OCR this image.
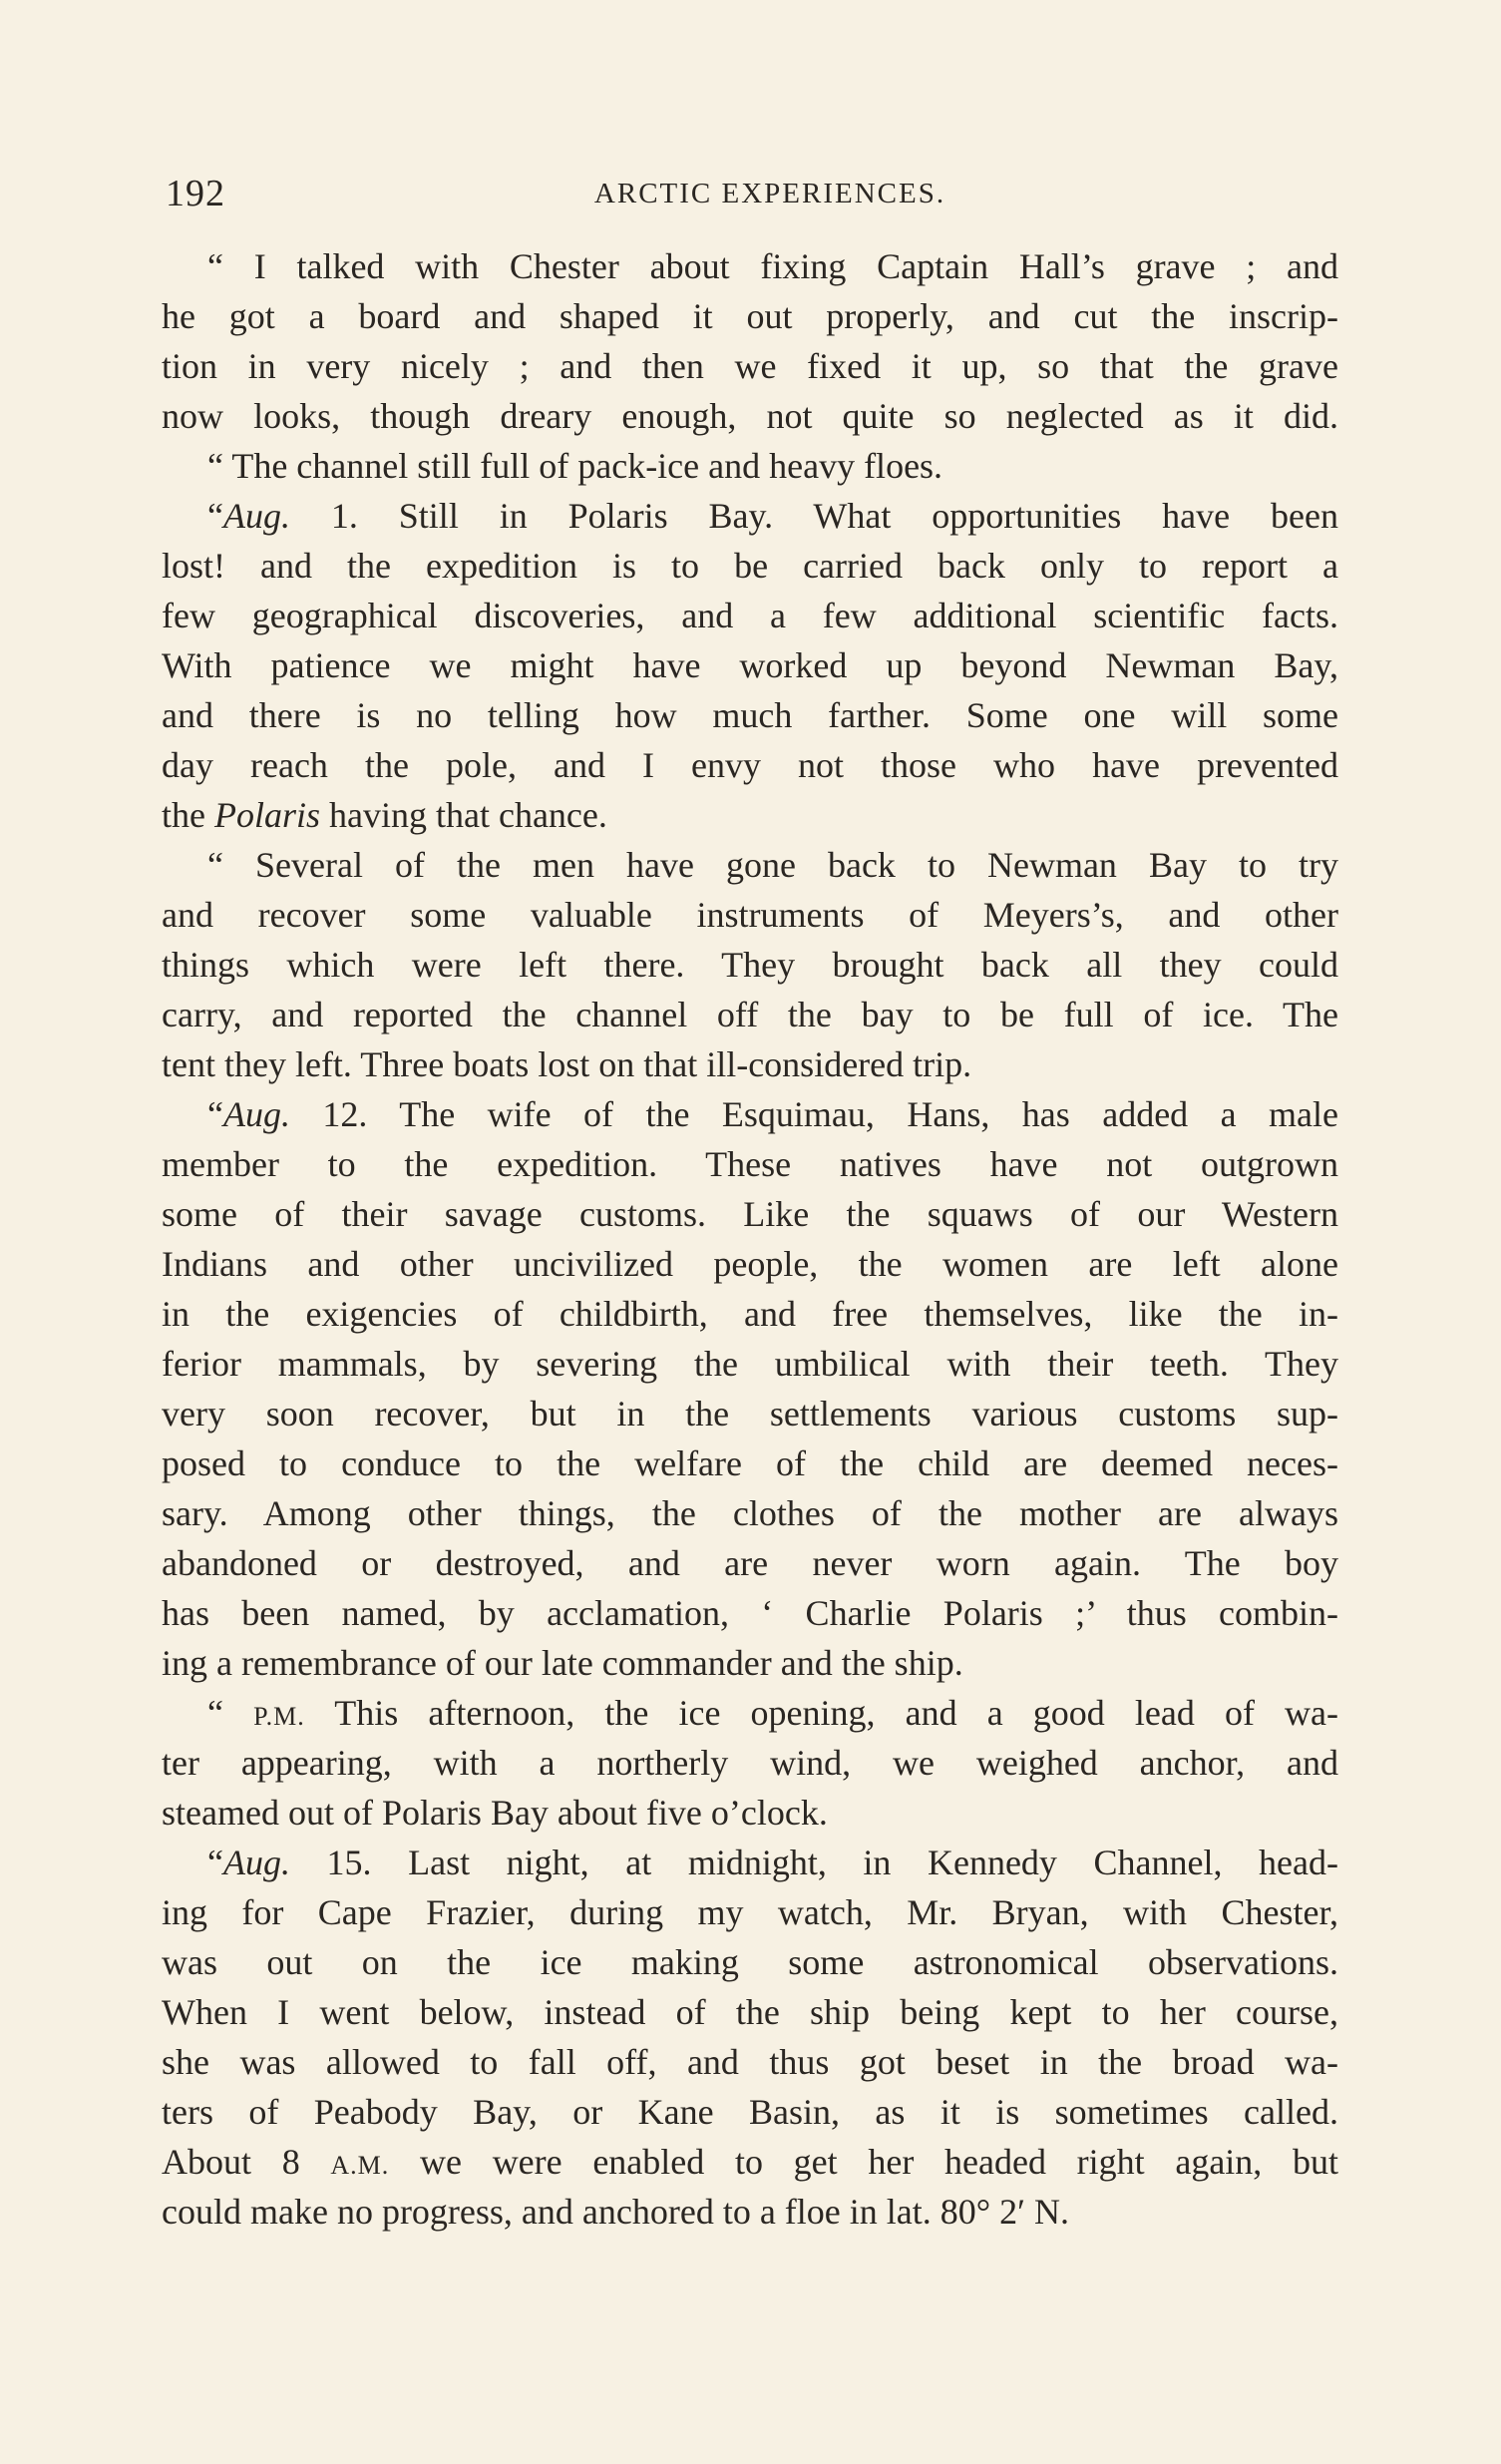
192	ARCTIC EXPERIENCES.
“ I talked with Chester about fixing Captain Hall’s grave ; and
he got a board and shaped it out properly, and cut the inscrip-
tion in very nicely ; and then we fixed it up, so that the grave
now looks, though dreary enough, not quite so neglected as it did.
“ The channel still full of pack-ice and heavy floes.
“Aug. 1. Still in Polaris Bay. What opportunities have been
lost! and the expedition is to be carried back only to report a
few geographical discoveries, and a few additional scientific facts.
With patience we might have worked up beyond Newman Bay,
and there is no telling how much farther. Some one will some
day reach the pole, and I envy not those who have prevented
the Polaris having that chance.
“ Several of the men have gone back to Newman Bay to try
and recover some valuable instruments of Meyers’s, and other
things which were left there. They brought back all they could
carry, and reported the channel off the bay to be full of ice. The
tent they left. Three boats lost on that ill-considered trip.
“Aug. 12. The wife of the Esquimau, Hans, has added a male
member to the expedition. These natives have not outgrown
some of their savage customs. Like the squaws of our Western
Indians and other uncivilized people, the women are left alone
in the exigencies of childbirth, and free themselves, like the in-
ferior mammals, by severing the umbilical with their teeth. They
very soon recover, but in the settlements various customs sup-
posed to conduce to the welfare of the child are deemed neces-
sary. Among other things, the clothes of the mother are always
abandoned or destroyed, and are never worn again. The boy
has been named, by acclamation, ‘ Charlie Polaris ;’ thus combin-
ing a remembrance of our late commander and the ship.
“ P.M. This afternoon, the ice opening, and a good lead of wa-
ter appearing, with a northerly wind, we weighed anchor, and
steamed out of Polaris Bay about five o’clock.
“Aug. 15. Last night, at midnight, in Kennedy Channel, head-
ing for Cape Frazier, during my watch, Mr. Bryan, with Chester,
was out on the ice making some astronomical observations.
When I went below, instead of the ship being kept to her course,
she was allowed to fall off, and thus got beset in the broad wa-
ters of Peabody Bay, or Kane Basin, as it is sometimes called.
About 8 A.M. we were enabled to get her headed right again, but
could make no progress, and anchored to a floe in lat. 80° 2′ N.
